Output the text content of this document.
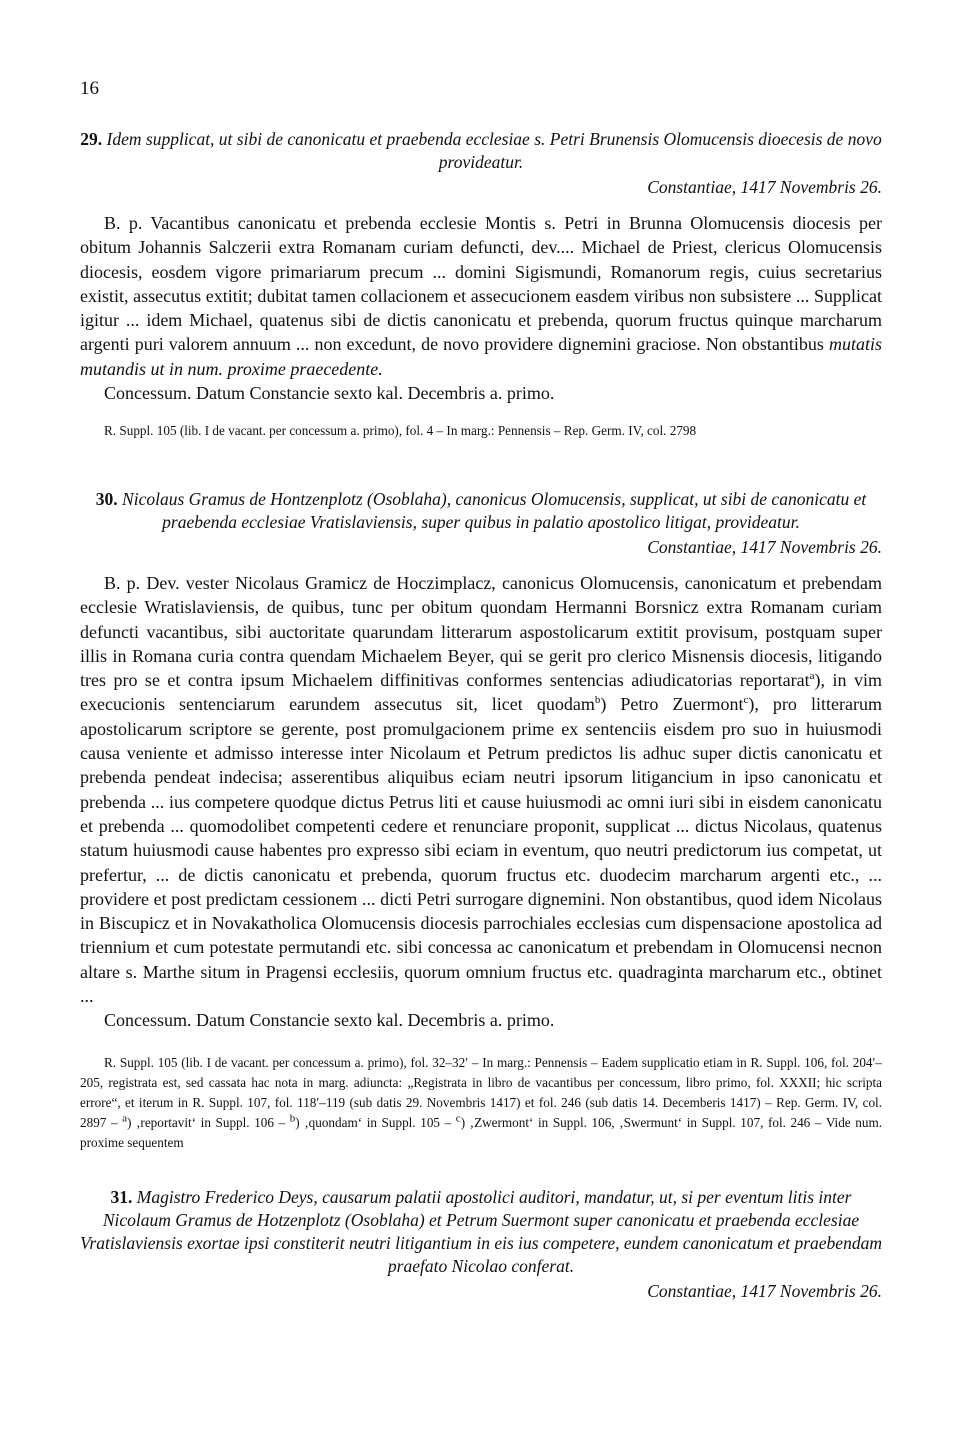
16

29. Idem supplicat, ut sibi de canonicatu et praebenda ecclesiae s. Petri Brunensis Olomucensis dioecesis de novo provideatur.

Constantiae, 1417 Novembris 26.

B. p. Vacantibus canonicatu et prebenda ecclesie Montis s. Petri in Brunna Olomucensis diocesis per obitum Johannis Salczerii extra Romanam curiam defuncti, dev.... Michael de Priest, clericus Olomucensis diocesis, eosdem vigore primariarum precum ... domini Sigismundi, Romanorum regis, cuius secretarius existit, assecutus extitit; dubitat tamen collacionem et assecucionem easdem viribus non subsistere ... Supplicat igitur ... idem Michael, quatenus sibi de dictis canonicatu et prebenda, quorum fructus quinque marcharum argenti puri valorem annuum ... non excedunt, de novo providere dignemini graciose. Non obstantibus mutatis mutandis ut in num. proxime praecedente.

Concessum. Datum Constancie sexto kal. Decembris a. primo.

R. Suppl. 105 (lib. I de vacant. per concessum a. primo), fol. 4 – In marg.: Pennensis – Rep. Germ. IV, col. 2798

30. Nicolaus Gramus de Hontzenplotz (Osoblaha), canonicus Olomucensis, supplicat, ut sibi de canonicatu et praebenda ecclesiae Vratislaviensis, super quibus in palatio apostolico litigat, provideatur.

Constantiae, 1417 Novembris 26.

B. p. Dev. vester Nicolaus Gramicz de Hoczimplacz, canonicus Olomucensis, canonicatum et prebendam ecclesie Wratislaviensis, de quibus, tunc per obitum quondam Hermanni Borsnicz extra Romanam curiam defuncti vacantibus, sibi auctoritate quarundam litterarum aspostolicarum extitit provisum, postquam super illis in Romana curia contra quendam Michaelem Beyer, qui se gerit pro clerico Misnensis diocesis, litigando tres pro se et contra ipsum Michaelem diffinitivas conformes sentencias adiudicatorias reportarat$^a$), in vim execucionis sentenciarum earundem assecutus sit, licet quodam$^b$) Petro Zuermont$^c$), pro litterarum apostolicarum scriptore se gerente, post promulgacionem prime ex sentenciis eisdem pro suo in huiusmodi causa veniente et admisso interesse inter Nicolaum et Petrum predictos lis adhuc super dictis canonicatu et prebenda pendeat indecisa; asserentibus aliquibus eciam neutri ipsorum litigancium in ipso canonicatu et prebenda ... ius competere quodque dictus Petrus liti et cause huiusmodi ac omni iuri sibi in eisdem canonicatu et prebenda ... quomodolibet competenti cedere et renunciare proponit, supplicat ... dictus Nicolaus, quatenus statum huiusmodi cause habentes pro expresso sibi eciam in eventum, quo neutri predictorum ius competat, ut prefertur, ... de dictis canonicatu et prebenda, quorum fructus etc. duodecim marcharum argenti etc., ... providere et post predictam cessionem ... dicti Petri surrogare dignemini. Non obstantibus, quod idem Nicolaus in Biscupicz et in Novakatholica Olomucensis diocesis parrochiales ecclesias cum dispensacione apostolica ad triennium et cum potestate permutandi etc. sibi concessa ac canonicatum et prebendam in Olomucensi necnon altare s. Marthe situm in Pragensi ecclesiis, quorum omnium fructus etc. quadraginta marcharum etc., obtinet ...

Concessum. Datum Constancie sexto kal. Decembris a. primo.

R. Suppl. 105 (lib. I de vacant. per concessum a. primo), fol. 32–32′ – In marg.: Pennensis – Eadem supplicatio etiam in R. Suppl. 106, fol. 204′–205, registrata est, sed cassata hac nota in marg. adiuncta: „Registrata in libro de vacantibus per concessum, libro primo, fol. XXXII; hic scripta errore“, et iterum in R. Suppl. 107, fol. 118′–119 (sub datis 29. Novembris 1417) et fol. 246 (sub datis 14. Decemberis 1417) – Rep. Germ. IV, col. 2897 – $^a$) ‚reportavit‘ in Suppl. 106 – $^b$) ‚quondam‘ in Suppl. 105 – $^c$) ‚Zwermont‘ in Suppl. 106, ‚Swermunt‘ in Suppl. 107, fol. 246 – Vide num. proxime sequentem

31. Magistro Frederico Deys, causarum palatii apostolici auditori, mandatur, ut, si per eventum litis inter Nicolaum Gramus de Hotzenplotz (Osoblaha) et Petrum Suermont super canonicatu et praebenda ecclesiae Vratislaviensis exortae ipsi constiterit neutri litigantium in eis ius competere, eundem canonicatum et praebendam praefato Nicolao conferat.

Constantiae, 1417 Novembris 26.
